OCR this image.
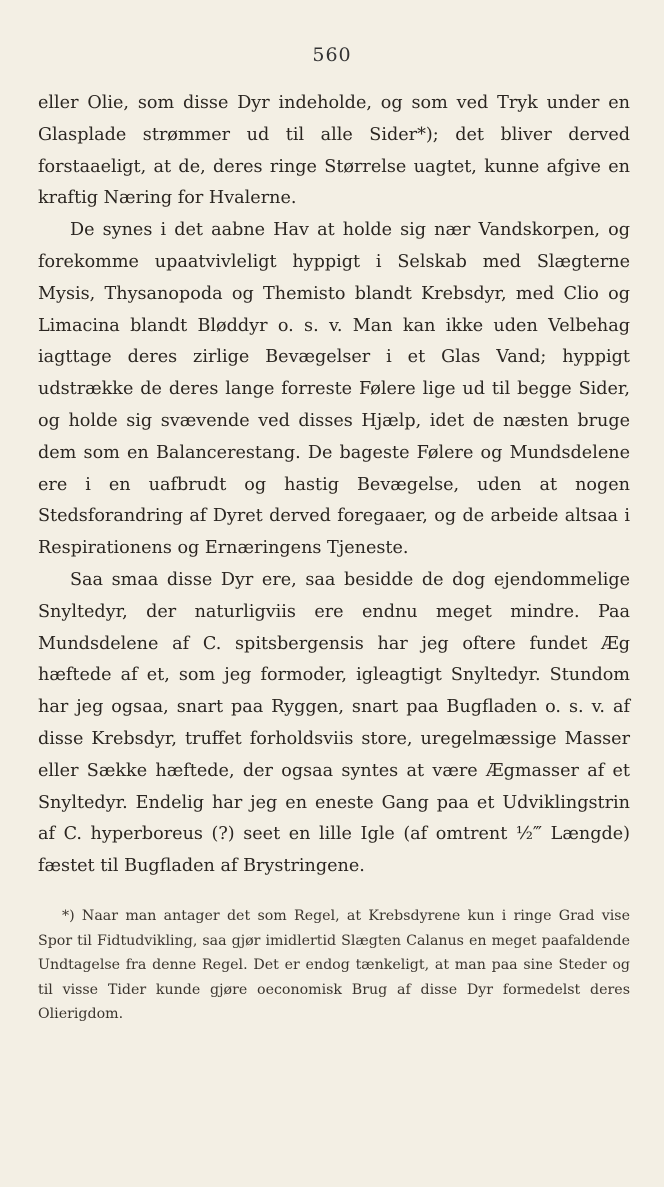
560

eller Olie, som disse Dyr indeholde, og som ved Tryk under en Glasplade strømmer ud til alle Sider*); det bliver derved forstaaeligt, at de, deres ringe Størrelse uagtet, kunne afgive en kraftig Næring for Hvalerne.

De synes i det aabne Hav at holde sig nær Vandskorpen, og forekomme upaatvivleligt hyppigt i Selskab med Slægterne Mysis, Thysanopoda og Themisto blandt Krebsdyr, med Clio og Limacina blandt Bløddyr o. s. v. Man kan ikke uden Velbehag iagttage deres zirlige Bevægelser i et Glas Vand; hyppigt udstrække de deres lange forreste Følere lige ud til begge Sider, og holde sig svævende ved disses Hjælp, idet de næsten bruge dem som en Balancerestang. De bageste Følere og Mundsdelene ere i en uafbrudt og hastig Bevægelse, uden at nogen Stedsforandring af Dyret derved foregaaer, og de arbeide altsaa i Respirationens og Ernæringens Tjeneste.

Saa smaa disse Dyr ere, saa besidde de dog ejendommelige Snyltedyr, der naturligviis ere endnu meget mindre. Paa Mundsdelene af C. spitsbergensis har jeg oftere fundet Æg hæftede af et, som jeg formoder, igleagtigt Snyltedyr. Stundom har jeg ogsaa, snart paa Ryggen, snart paa Bugfladen o. s. v. af disse Krebsdyr, truffet forholdsviis store, uregelmæssige Masser eller Sække hæftede, der ogsaa syntes at være Ægmasser af et Snyltedyr. Endelig har jeg en eneste Gang paa et Udviklingstrin af C. hyperboreus (?) seet en lille Igle (af omtrent ½‴ Længde) fæstet til Bugfladen af Brystringene.

*) Naar man antager det som Regel, at Krebsdyrene kun i ringe Grad vise Spor til Fidtudvikling, saa gjør imidlertid Slægten Calanus en meget paafaldende Undtagelse fra denne Regel. Det er endog tænkeligt, at man paa sine Steder og til visse Tider kunde gjøre oeconomisk Brug af disse Dyr formedelst deres Olierigdom.
